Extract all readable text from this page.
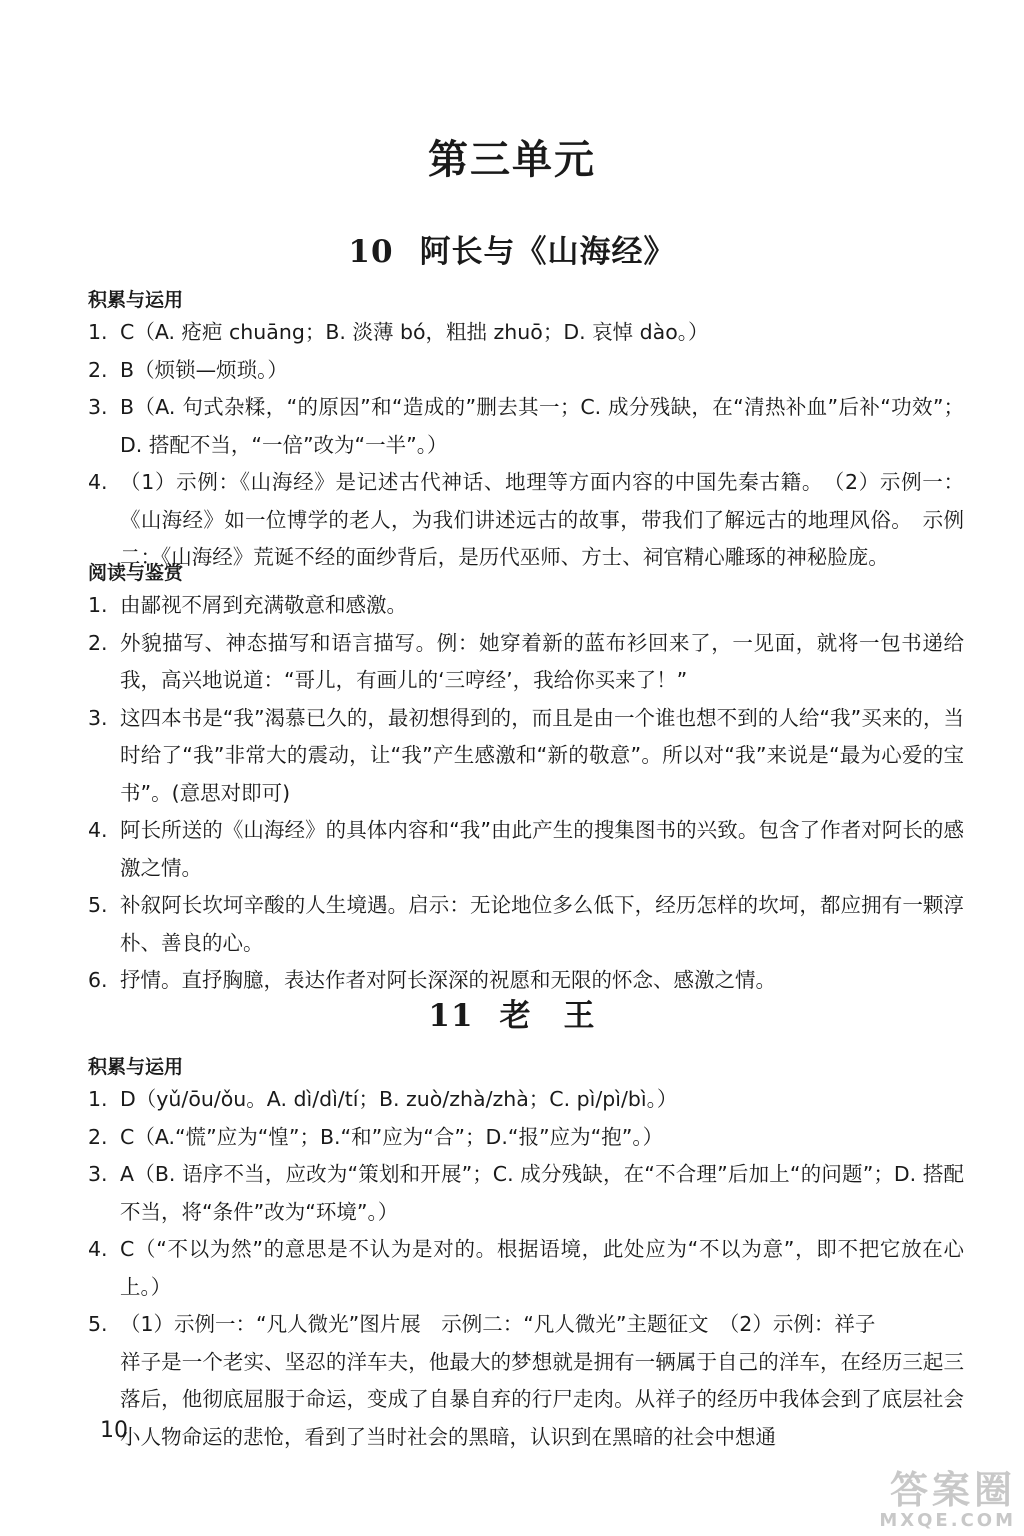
第三单元
10 阿长与《山海经》
积累与运用
1. C（A. 疮疤 chuāng；B. 淡薄 bó，粗拙 zhuō；D. 哀悼 dào。）
2. B（烦锁—烦琐。）
3. B（A. 句式杂糅，“的原因”和“造成的”删去其一；C. 成分残缺，在“清热补血”后补“功效”；D. 搭配不当，“一倍”改为“一半”。）
4. （1）示例：《山海经》是记述古代神话、地理等方面内容的中国先秦古籍。　（2）示例一：《山海经》如一位博学的老人，为我们讲述远古的故事，带我们了解远古的地理风俗。　示例二：《山海经》荒诞不经的面纱背后，是历代巫师、方士、祠官精心雕琢的神秘脸庞。
阅读与鉴赏
1. 由鄙视不屑到充满敬意和感激。
2. 外貌描写、神态描写和语言描写。例：她穿着新的蓝布衫回来了，一见面，就将一包书递给我，高兴地说道：“哥儿，有画儿的‘三哼经’，我给你买来了！”
3. 这四本书是“我”渴慕已久的，最初想得到的，而且是由一个谁也想不到的人给“我”买来的，当时给了“我”非常大的震动，让“我”产生感激和“新的敬意”。所以对“我”来说是“最为心爱的宝书”。(意思对即可)
4. 阿长所送的《山海经》的具体内容和“我”由此产生的搜集图书的兴致。包含了作者对阿长的感激之情。
5. 补叙阿长坎坷辛酸的人生境遇。启示：无论地位多么低下，经历怎样的坎坷，都应拥有一颗淳朴、善良的心。
6. 抒情。直抒胸臆，表达作者对阿长深深的祝愿和无限的怀念、感激之情。
11 老　王
积累与运用
1. D（yǔ/ōu/ǒu。A. dì/dì/tí；B. zuò/zhà/zhà；C. pì/pì/bì。）
2. C（A.“慌”应为“惶”；B.“和”应为“合”；D.“报”应为“抱”。）
3. A（B. 语序不当，应改为“策划和开展”；C. 成分残缺，在“不合理”后加上“的问题”；D. 搭配不当，将“条件”改为“环境”。）
4. C（“不以为然”的意思是不认为是对的。根据语境，此处应为“不以为意”，即不把它放在心上。）
5. （1）示例一：“凡人微光”图片展　示例二：“凡人微光”主题征文　（2）示例：祥子
祥子是一个老实、坚忍的洋车夫，他最大的梦想就是拥有一辆属于自己的洋车，在经历三起三落后，他彻底屈服于命运，变成了自暴自弃的行尸走肉。从祥子的经历中我体会到了底层社会小人物命运的悲怆，看到了当时社会的黑暗，认识到在黑暗的社会中想通
10
答案圈
MXQE.COM
